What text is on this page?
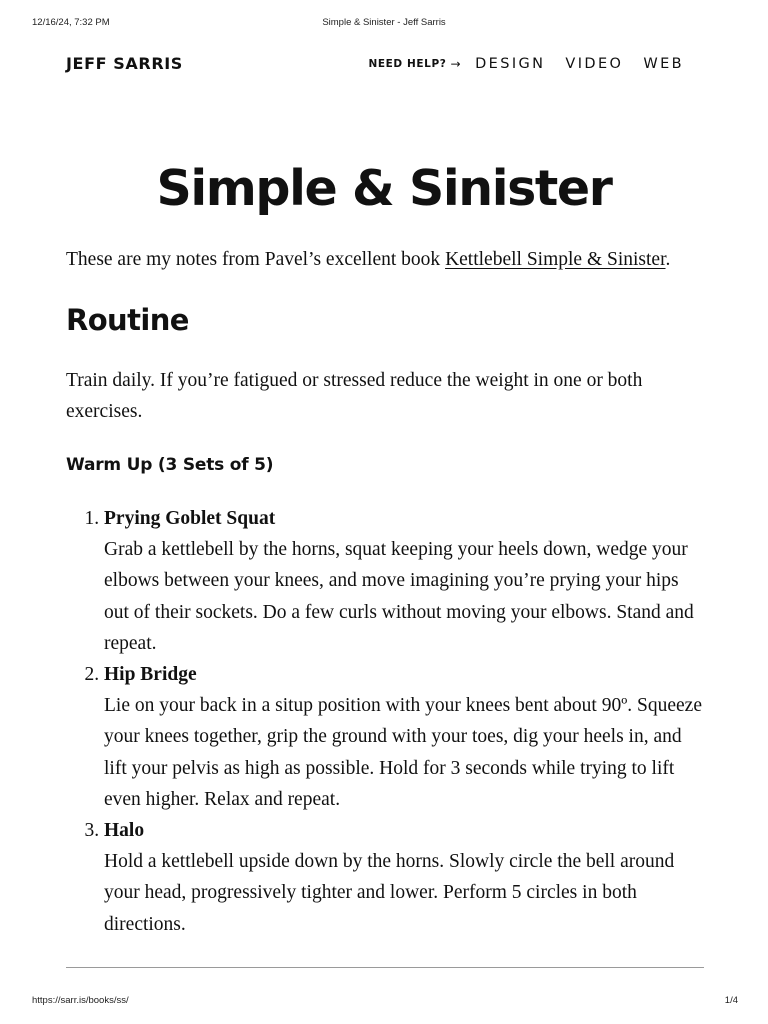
12/16/24, 7:32 PM	Simple & Sinister - Jeff Sarris
JEFF SARRIS	NEED HELP? → DESIGN VIDEO WEB
Simple & Sinister

These are my notes from Pavel’s excellent book Kettlebell Simple & Sinister.

Routine

Train daily. If you’re fatigued or stressed reduce the weight in one or both exercises.

Warm Up (3 Sets of 5)
1. Prying Goblet Squat
Grab a kettlebell by the horns, squat keeping your heels down, wedge your elbows between your knees, and move imagining you’re prying your hips out of their sockets. Do a few curls without moving your elbows. Stand and repeat.
2. Hip Bridge
Lie on your back in a situp position with your knees bent about 90º. Squeeze your knees together, grip the ground with your toes, dig your heels in, and lift your pelvis as high as possible. Hold for 3 seconds while trying to lift even higher. Relax and repeat.
3. Halo
Hold a kettlebell upside down by the horns. Slowly circle the bell around your head, progressively tighter and lower. Perform 5 circles in both directions.
https://sarr.is/books/ss/	1/4
